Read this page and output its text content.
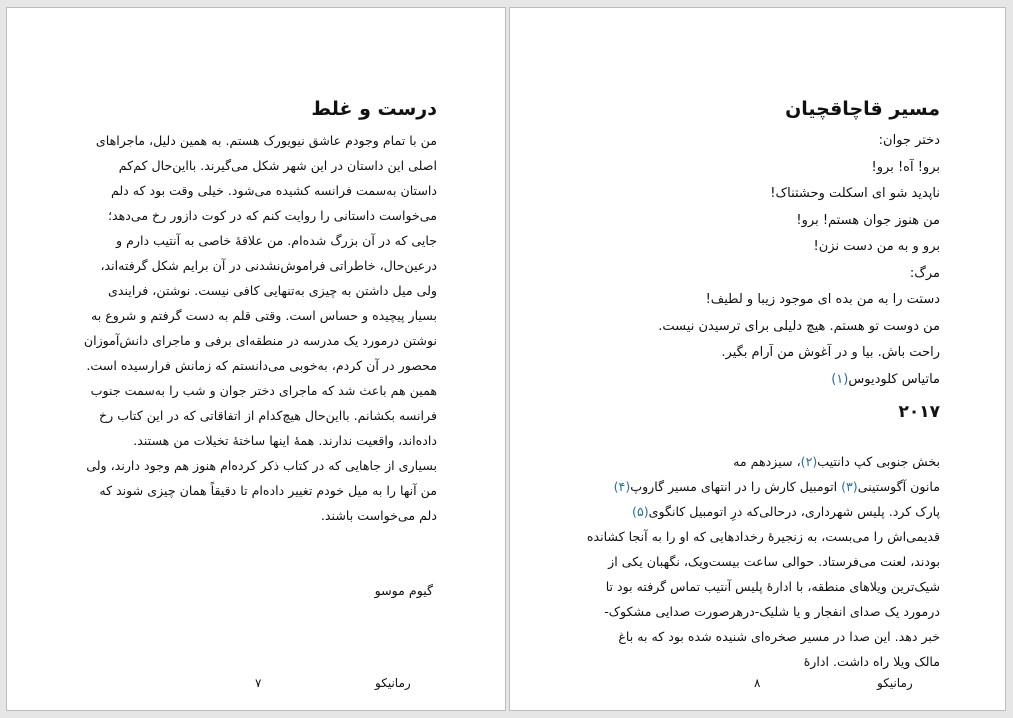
درست و غلط

من با تمام وجودم عاشق نیویورک هستم. به همین دلیل، ماجراهای
اصلی این داستان در این شهر شکل می‌گیرند. بااین‌حال کم‌کم
داستان به‌سمت فرانسه کشیده می‌شود. خیلی وقت بود که دلم
می‌خواست داستانی را روایت کنم که در کوت دازور رخ می‌دهد؛
جایی که در آن بزرگ شده‌ام. من علاقهٔ خاصی به آنتیب دارم و
درعین‌حال، خاطراتی فراموش‌نشدنی در آن برایم شکل گرفته‌اند،
ولی میل داشتن به چیزی به‌تنهایی کافی نیست. نوشتن، فرایندی
بسیار پیچیده و حساس است. وقتی قلم به دست گرفتم و شروع به
نوشتن درمورد یک مدرسه در منطقه‌ای برفی و ماجرای دانش‌آموزان
محصور در آن کردم، به‌خوبی می‌دانستم که زمانش فرارسیده است.
همین هم باعث شد که ماجرای دختر جوان و شب را به‌سمت جنوب
فرانسه بکشانم. بااین‌حال هیچ‌کدام از اتفاقاتی که در این کتاب رخ
داده‌اند، واقعیت ندارند. همهٔ اینها ساختهٔ تخیلات من هستند.
بسیاری از جاهایی که در کتاب ذکر کرده‌ام هنوز هم وجود دارند، ولی
من آنها را به میل خودم تغییر داده‌ام تا دقیقاً همان چیزی شوند که
دلم می‌خواست باشند.

گیوم موسو
رمانیکو
۷
مسیر قاچاقچیان
دختر جوان:
برو! آه! برو!
ناپدید شو ای اسکلت وحشتناک!
من هنوز جوان هستم! برو!
برو و به من دست نزن!
مرگ:
دستت را به من بده ای موجود زیبا و لطیف!
من دوست تو هستم. هیچ دلیلی برای ترسیدن نیست.
راحت باش. بیا و در آغوش من آرام بگیر.
ماتیاس کلودیوس(۱)
۲۰۱۷

بخش جنوبی کپ دانتیب(۲)، سیزدهم مه
مانون آگوستینی(۳) اتومبیل کارش را در انتهای مسیر گاروپ(۴)
پارک کرد. پلیس شهرداری، درحالی‌که درِ اتومبیل کانگوی(۵)
قدیمی‌اش را می‌بست، به زنجیرهٔ رخدادهایی که او را به آنجا کشانده
بودند، لعنت می‌فرستاد. حوالی ساعت بیست‌ویک، نگهبان یکی از
شیک‌ترین ویلاهای منطقه، با ادارهٔ پلیس آنتیب تماس گرفته بود تا
درمورد یک صدای انفجار و یا شلیک-درهرصورت صدایی مشکوک-
خبر دهد. این صدا در مسیر صخره‌ای شنیده شده بود که به باغ
مالک ویلا راه داشت. ادارهٔ

رمانیکو
۸
